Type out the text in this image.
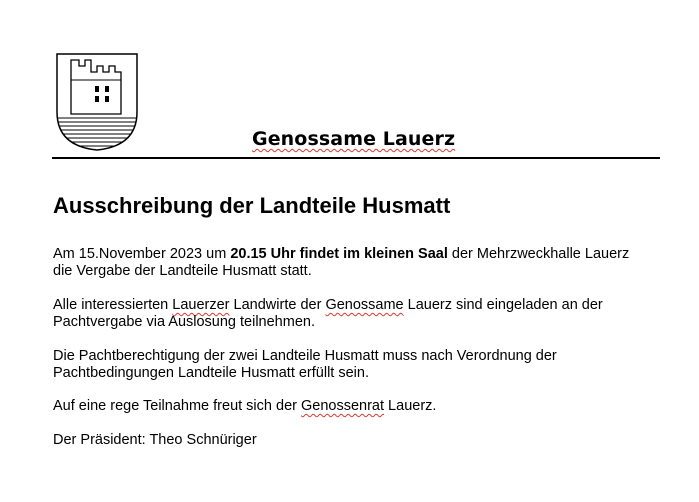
Genossame Lauerz
Ausschreibung der Landteile Husmatt

Am 15.November 2023 um 20.15 Uhr findet im kleinen Saal der Mehrzweckhalle Lauerz
die Vergabe der Landteile Husmatt statt.

Alle interessierten Lauerzer Landwirte der Genossame Lauerz sind eingeladen an der
Pachtvergabe via Auslosung teilnehmen.

Die Pachtberechtigung der zwei Landteile Husmatt muss nach Verordnung der
Pachtbedingungen Landteile Husmatt erfüllt sein.

Auf eine rege Teilnahme freut sich der Genossenrat Lauerz.

Der Präsident: Theo Schnüriger
